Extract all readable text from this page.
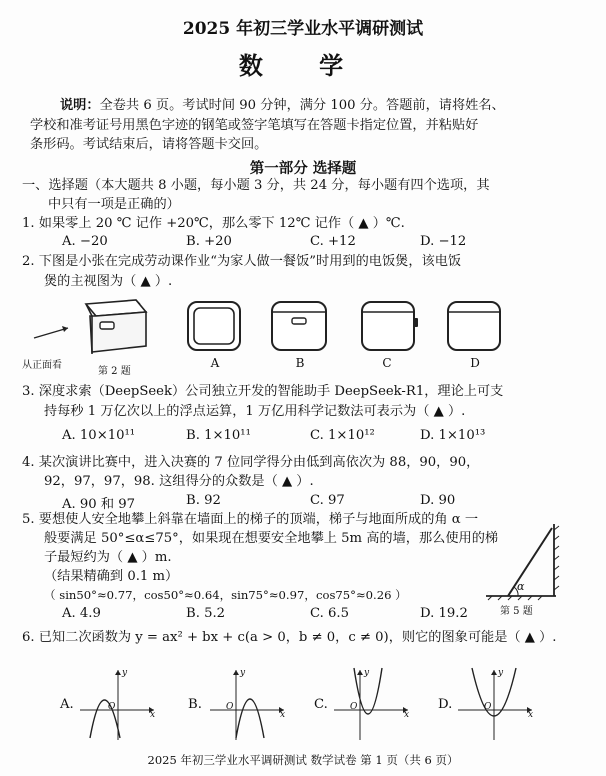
2025 年初三学业水平调研测试
数 学
说明：全卷共 6 页。考试时间 90 分钟，满分 100 分。答题前，请将姓名、
学校和准考证号用黑色字迹的钢笔或签字笔填写在答题卡指定位置，并粘贴好
条形码。考试结束后，请将答题卡交回。
第一部分 选择题
一、选择题（本大题共 8 小题，每小题 3 分，共 24 分，每小题有四个选项，其
中只有一项是正确的）
1. 如果零上 20 ℃ 记作 +20℃，那么零下 12℃ 记作（ ▲ ）℃.
A. −20	B. +20	C. +12	D. −12
2. 下图是小张在完成劳动课作业“为家人做一餐饭”时用到的电饭煲，该电饭
煲的主视图为（ ▲ ）.
从正面看
第 2 题
A	B	C	D
3. 深度求索（DeepSeek）公司独立开发的智能助手 DeepSeek-R1，理论上可支
持每秒 1 万亿次以上的浮点运算，1 万亿用科学记数法可表示为（ ▲ ）.
A. 10×10¹¹	B. 1×10¹¹	C. 1×10¹²	D. 1×10¹³
4. 某次演讲比赛中，进入决赛的 7 位同学得分由低到高依次为 88，90，90，
92，97，97，98. 这组得分的众数是（ ▲ ）.
A. 90 和 97	B. 92	C. 97	D. 90
5. 要想使人安全地攀上斜靠在墙面上的梯子的顶端，梯子与地面所成的角 α 一
般要满足 50°≤α≤75°，如果现在想要安全地攀上 5m 高的墙，那么使用的梯
子最短约为（ ▲ ）m.
（结果精确到 0.1 m）
（ sin50°≈0.77，cos50°≈0.64，sin75°≈0.97，cos75°≈0.26 ）
A. 4.9	B. 5.2	C. 6.5	D. 19.2
α
第 5 题
6. 已知二次函数为 y = ax² + bx + c(a > 0，b ≠ 0，c ≠ 0)，则它的图象可能是（ ▲ ）.
A.
y
x
O	B.
y
x
O	C.
y
x
O	D.
y
x
O
2025 年初三学业水平调研测试 数学试卷 第 1 页（共 6 页）
